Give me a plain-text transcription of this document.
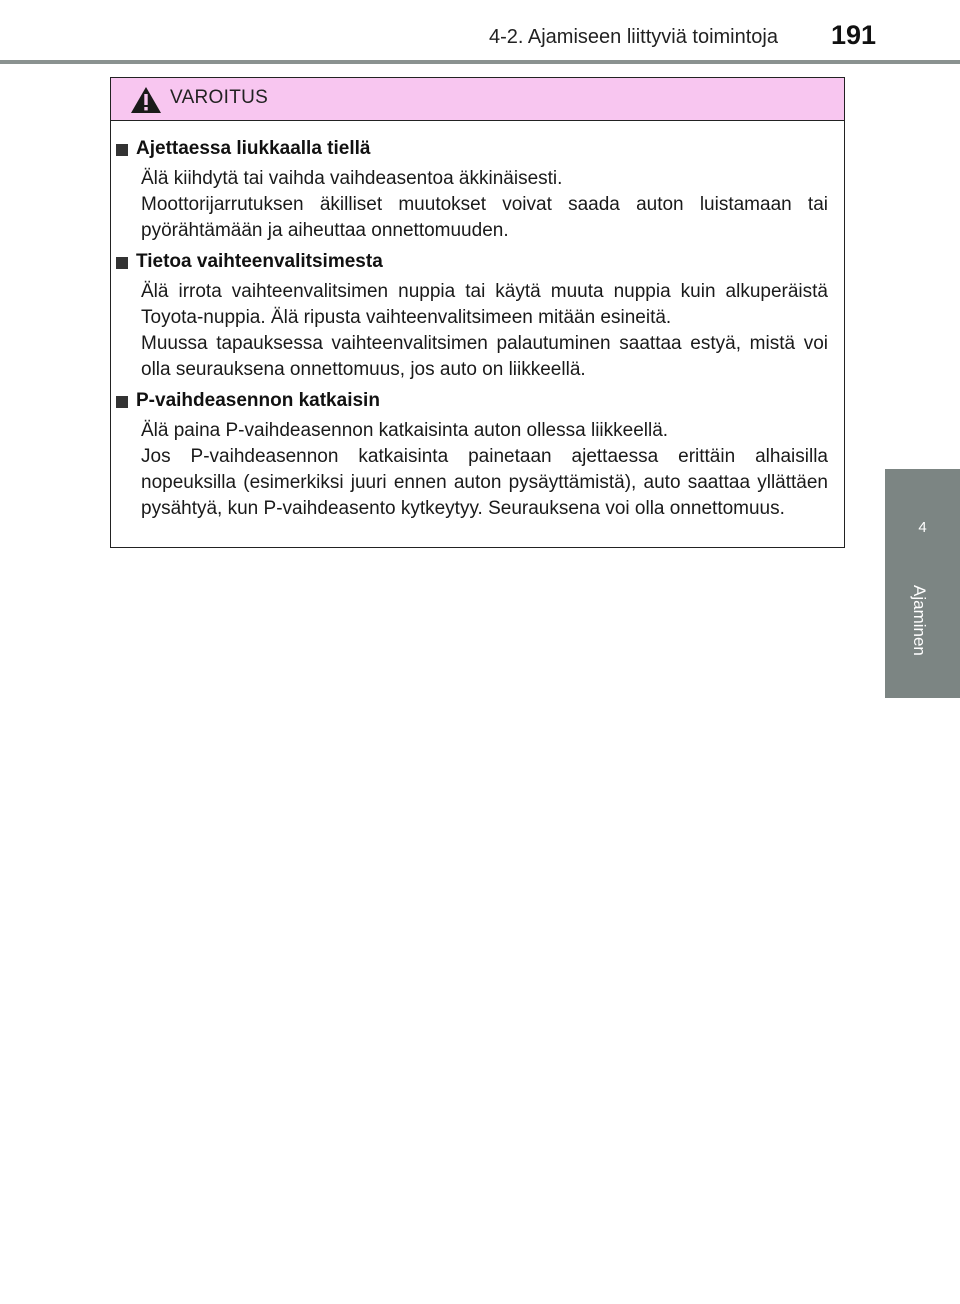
4-2. Ajamiseen liittyviä toimintoja 191
4
Ajaminen
VAROITUS
Ajettaessa liukkaalla tiellä

Älä kiihdytä tai vaihda vaihdeasentoa äkkinäisesti.

Moottorijarrutuksen äkilliset muutokset voivat saada auton luistamaan tai pyörähtämään ja aiheuttaa onnettomuuden.

Tietoa vaihteenvalitsimesta

Älä irrota vaihteenvalitsimen nuppia tai käytä muuta nuppia kuin alkuperäistä Toyota-nuppia. Älä ripusta vaihteenvalitsimeen mitään esineitä.

Muussa tapauksessa vaihteenvalitsimen palautuminen saattaa estyä, mistä voi olla seurauksena onnettomuus, jos auto on liikkeellä.

P-vaihdeasennon katkaisin

Älä paina P-vaihdeasennon katkaisinta auton ollessa liikkeellä.

Jos P-vaihdeasennon katkaisinta painetaan ajettaessa erittäin alhaisilla nopeuksilla (esimerkiksi juuri ennen auton pysäyttämistä), auto saattaa yllättäen pysähtyä, kun P-vaihdeasento kytkeytyy. Seurauksena voi olla onnettomuus.
